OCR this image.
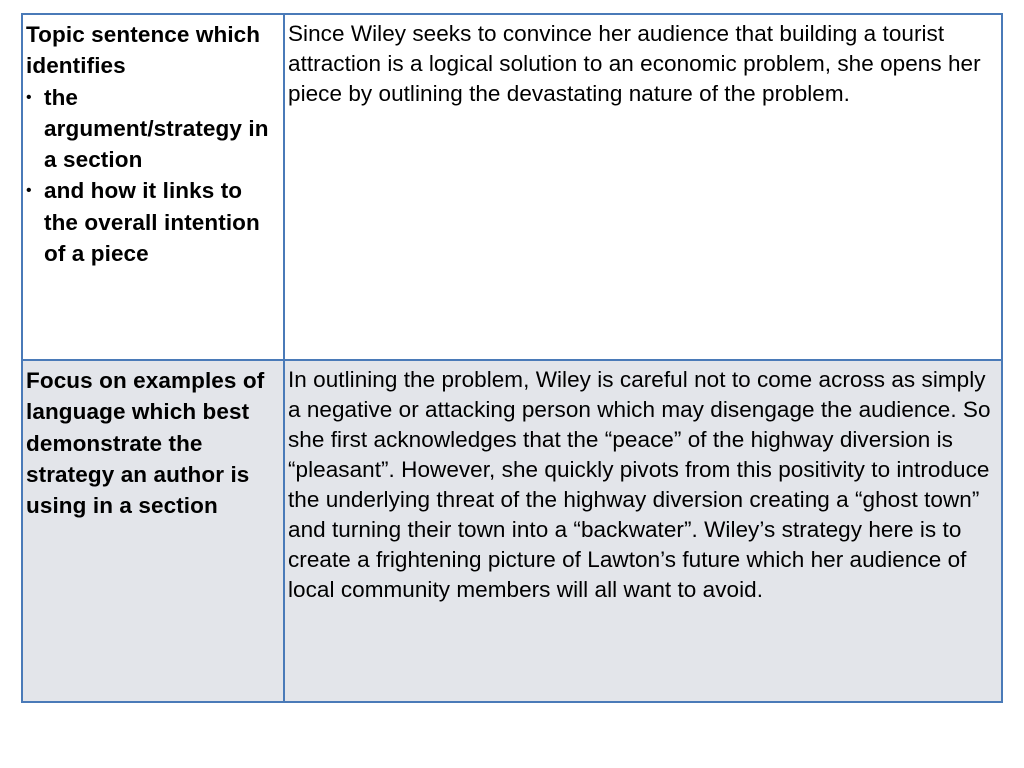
Topic sentence which identifies

• the argument/strategy in a section
• and how it links to the overall intention of a piece

Since Wiley seeks to convince her audience that building a tourist attraction is a logical solution to an economic problem, she opens her piece by outlining the devastating nature of the problem.

Focus on examples of language which best demonstrate the strategy an author is using in a section

In outlining the problem, Wiley is careful not to come across as simply a negative or attacking person which may disengage the audience. So she first acknowledges that the “peace” of the highway diversion is “pleasant”. However, she quickly pivots from this positivity to introduce the underlying threat of the highway diversion creating a “ghost town” and turning their town into a “backwater”. Wiley’s strategy here is to create a frightening picture of Lawton’s future which her audience of local community members will all want to avoid.
